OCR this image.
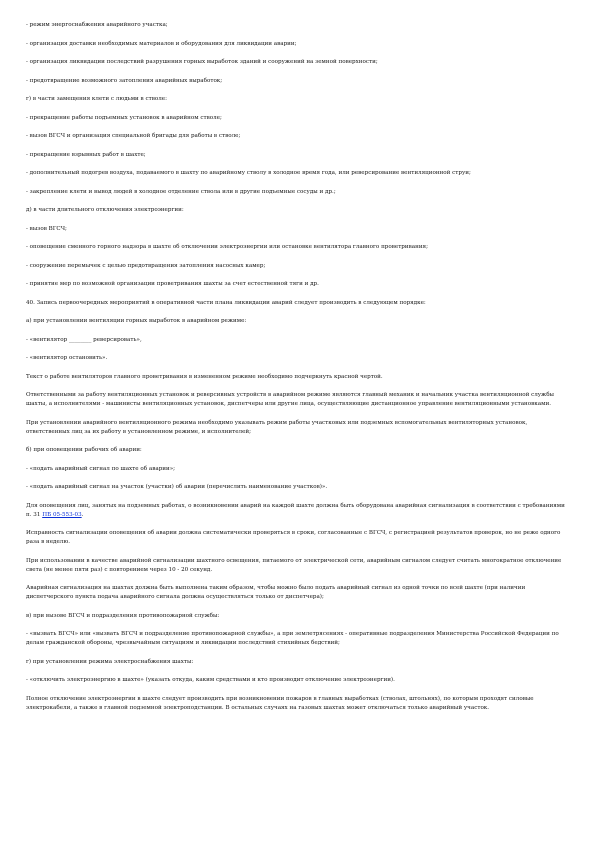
- режим энергоснабжения аварийного участка;

- организация доставки необходимых материалов и оборудования для ликвидации аварии;

- организация ликвидации последствий разрушения горных выработок зданий и сооружений на земной поверхности;

- предотвращение возможного затопления аварийных выработок;

г) в части замещения клети с людьми в стволе:

- прекращение работы подъемных установок в аварийном стволе;

- вызов ВГСЧ и организация специальной бригады для работы в стволе;

- прекращение взрывных работ в шахте;

- дополнительный подогрев воздуха, подаваемого в шахту по аварийному стволу в холодное время года, или реверсирование вентиляционной струи;

- закрепление клети и вывод людей в холодное отделение ствола или в другие подъемные сосуды и др.;

д) в части длительного отключения электроэнергии:

- вызов ВГСЧ;

- оповещение сменного горного надзора в шахте об отключении электроэнергии или остановке вентилятора главного проветривания;

- сооружение перемычек с целью предотвращения затопления насосных камер;

- принятие мер по возможной организации проветривания шахты за счет естественной тяги и др.

40. Запись первоочередных мероприятий в оперативной части плана ликвидации аварий следует производить в следующем порядке:

а) при установлении вентиляции горных выработок в аварийном режиме:

- «вентилятор ________ реверсировать»,

- «вентилятор остановить».

Текст о работе вентиляторов главного проветривания в измененном режиме необходимо подчеркнуть красной чертой.

Ответственными за работу вентиляционных установок и реверсивных устройств в аварийном режиме являются главный механик и начальник участка вентиляционной службы шахты, а исполнителями - машинисты вентиляционных установок, диспетчеры или другие лица, осуществляющие дистанционное управление вентиляционными установками.

При установлении аварийного вентиляционного режима необходимо указывать режим работы участковых или подземных вспомогательных вентиляторных установок, ответственных лиц за их работу в установленном режиме, и исполнителей;

б) при оповещении рабочих об аварии:

- «подать аварийный сигнал по шахте об аварии»;

- «подать аварийный сигнал на участок (участки) об аварии (перечислить наименование участков)».

Для оповещения лиц, занятых на подземных работах, о возникновении аварий на каждой шахте должна быть оборудована аварийная сигнализация в соответствии с требованиями п. 31 ПБ 05-553-03.

Исправность сигнализации оповещения об аварии должна систематически проверяться в сроки, согласованные с ВГСЧ, с регистрацией результатов проверок, но не реже одного раза в неделю.

При использовании в качестве аварийной сигнализации шахтного освещения, питаемого от электрической сети, аварийным сигналом следует считать многократное отключение света (не менее пяти раз) с повторением через 10 - 20 секунд.

Аварийная сигнализация на шахтах должна быть выполнена таким образом, чтобы можно было подать аварийный сигнал из одной точки по всей шахте (при наличии диспетчерского пункта подача аварийного сигнала должна осуществляться только от диспетчера);

в) при вызове ВГСЧ и подразделения противопожарной службы:

- «вызвать ВГСЧ» или «вызвать ВГСЧ и подразделение противопожарной службы», а при землетрясениях - оперативные подразделения Министерства Российской Федерации по делам гражданской обороны, чрезвычайным ситуациям и ликвидации последствий стихийных бедствий;

г) при установлении режима электроснабжения шахты:

- «отключить электроэнергию в шахте» (указать откуда, каким средствами и кто производит отключение электроэнергии).

Полное отключение электроэнергии в шахте следует производить при возникновении пожаров в главных выработках (стволах, штольнях), по которым проходят силовые электрокабели, а также в главной подземной электроподстанции. В остальных случаях на газовых шахтах может отключаться только аварийный участок.
